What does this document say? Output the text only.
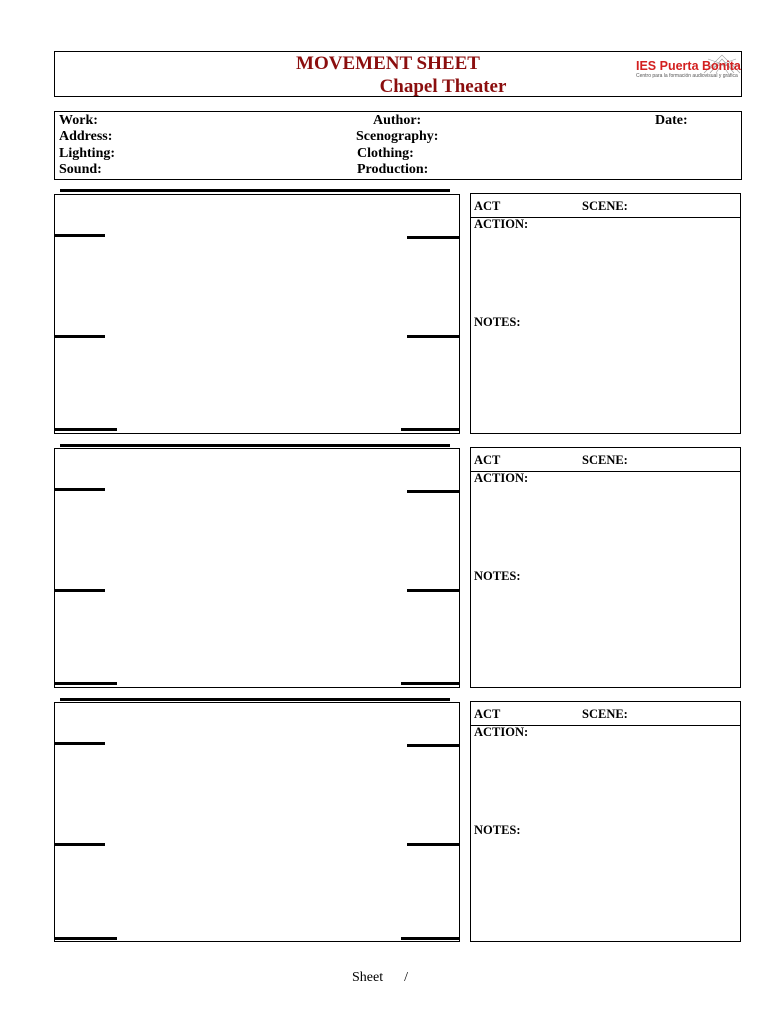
MOVEMENT SHEET
Chapel Theater
IES Puerta Bonita
Centro para la formación audiovisual y gráfica
Work:	Author:	Date:
Address:	Scenography:
Lighting:	Clothing:
Sound:	Production:
ACT	SCENE:
ACTION:
NOTES:
ACT	SCENE:
ACTION:
NOTES:
ACT	SCENE:
ACTION:
NOTES:
Sheet /
